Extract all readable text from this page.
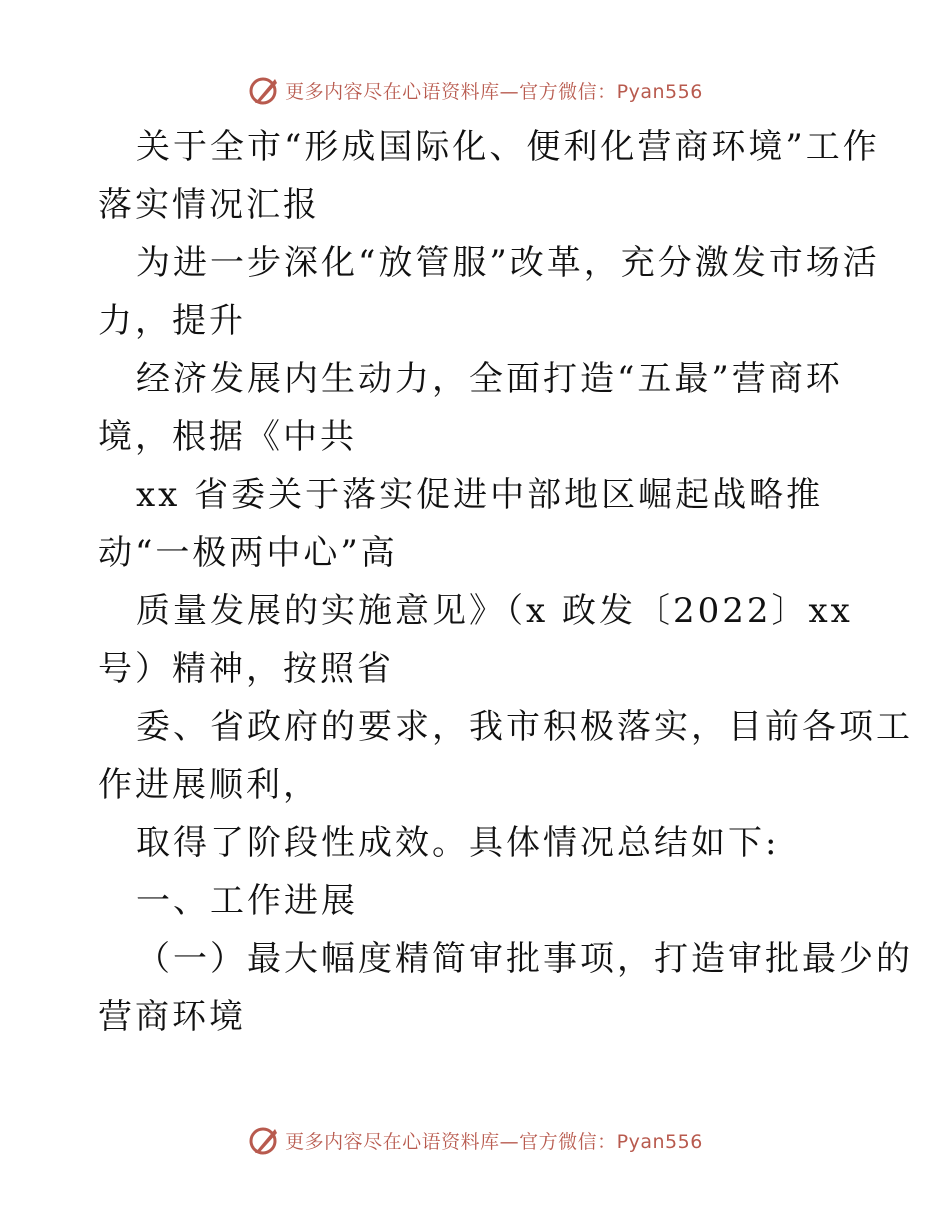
更多内容尽在心语资料库—官方微信：Pyan556
关于全市“形成国际化、便利化营商环境”工作
落实情况汇报
为进一步深化“放管服”改革，充分激发市场活
力，提升
经济发展内生动力，全面打造“五最”营商环
境，根据《中共
xx 省委关于落实促进中部地区崛起战略推
动“一极两中心”高
质量发展的实施意见》（x 政发〔2022〕xx
号）精神，按照省
委、省政府的要求，我市积极落实，目前各项工
作进展顺利，
取得了阶段性成效。具体情况总结如下:
一、工作进展
（一）最大幅度精简审批事项，打造审批最少的
营商环境
更多内容尽在心语资料库—官方微信：Pyan556
